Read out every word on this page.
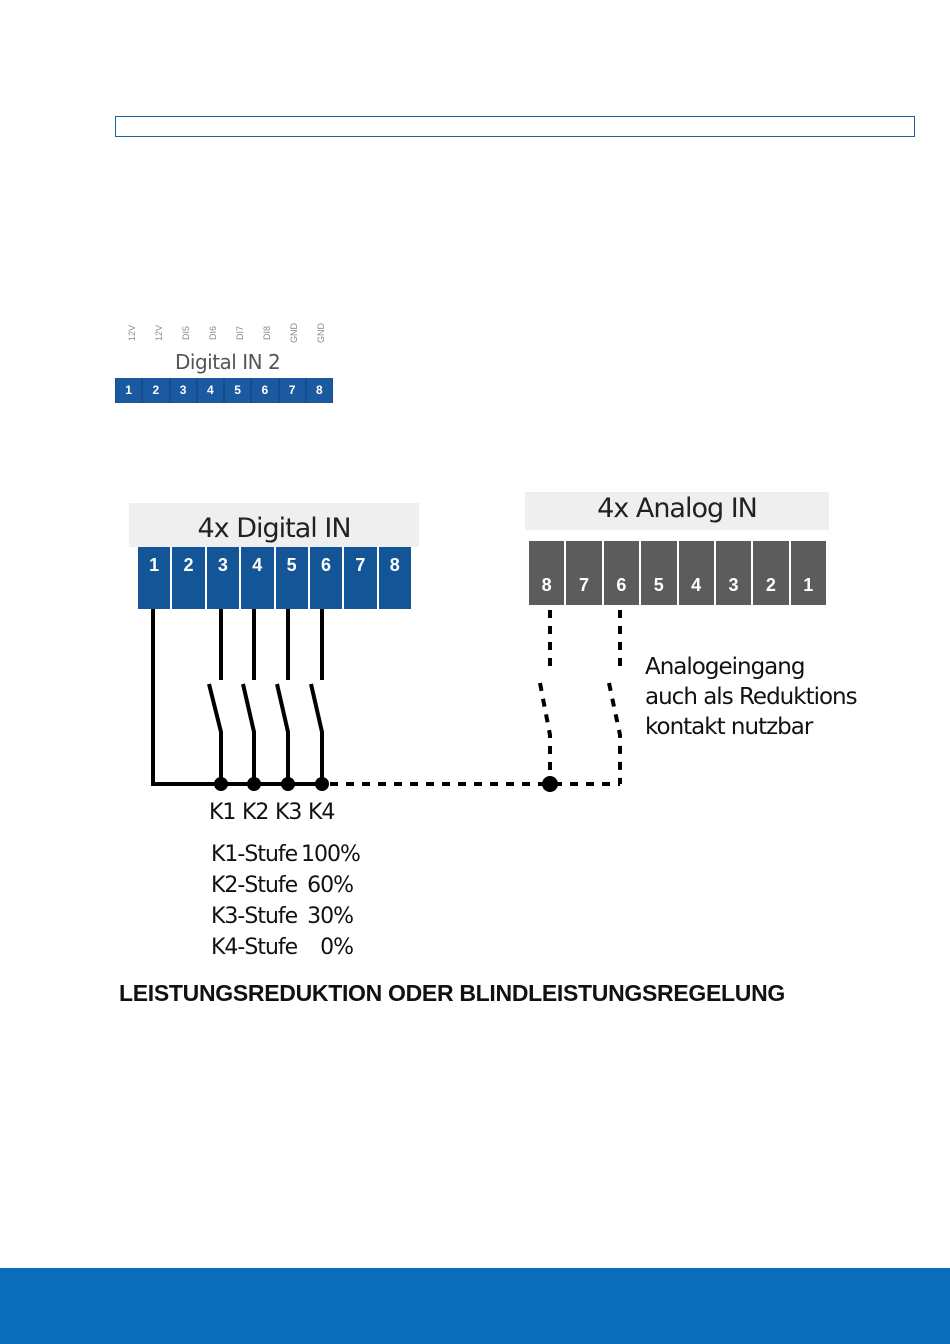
12V 12V DI5 DI6 DI7 DI8 GND GND
Digital IN 2
1	2	3	4	5	6	7	8
4x Digital IN
1	2	3	4	5	6	7	8
4x Analog IN
8	7	6	5	4	3	2	1
K1 K2 K3 K4
K1-Stufe 100%
K2-Stufe 60%
K3-Stufe 30%
K4-Stufe	0%
Analogeingang
auch als Reduktions
kontakt nutzbar
LEISTUNGSREDUKTION ODER BLINDLEISTUNGSREGELUNG
